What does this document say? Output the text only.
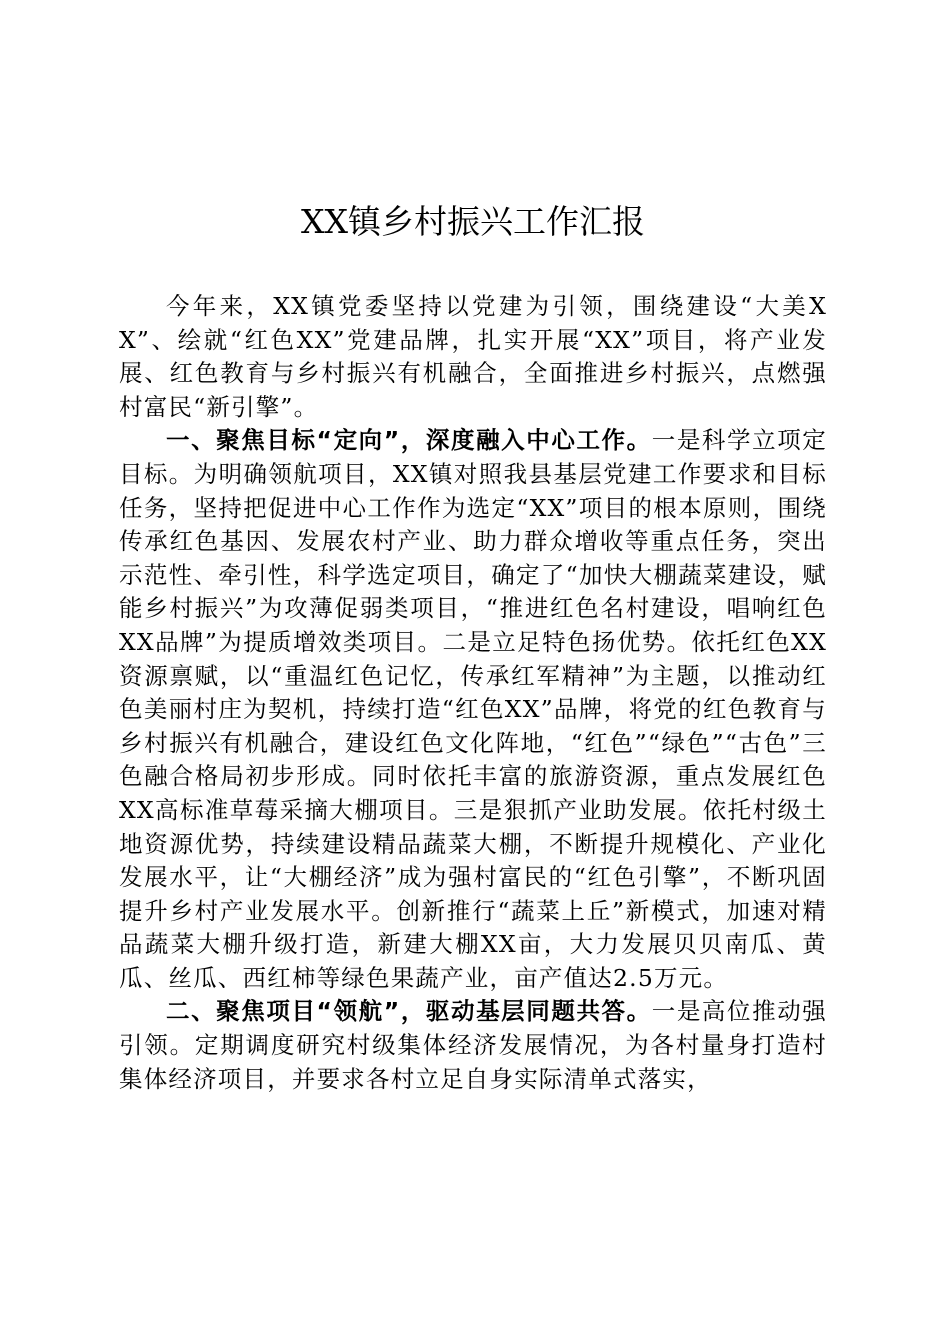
XX镇乡村振兴工作汇报

今年来，XX镇党委坚持以党建为引领，围绕建设“大美XX”、绘就“红色XX”党建品牌，扎实开展“XX”项目，将产业发展、红色教育与乡村振兴有机融合，全面推进乡村振兴，点燃强村富民“新引擎”。

一、聚焦目标“定向”，深度融入中心工作。一是科学立项定目标。为明确领航项目，XX镇对照我县基层党建工作要求和目标任务，坚持把促进中心工作作为选定“XX”项目的根本原则，围绕传承红色基因、发展农村产业、助力群众增收等重点任务，突出示范性、牵引性，科学选定项目，确定了“加快大棚蔬菜建设，赋能乡村振兴”为攻薄促弱类项目，“推进红色名村建设，唱响红色XX品牌”为提质增效类项目。二是立足特色扬优势。依托红色XX资源禀赋，以“重温红色记忆，传承红军精神”为主题，以推动红色美丽村庄为契机，持续打造“红色XX”品牌，将党的红色教育与乡村振兴有机融合，建设红色文化阵地，“红色”“绿色”“古色”三色融合格局初步形成。同时依托丰富的旅游资源，重点发展红色XX高标准草莓采摘大棚项目。三是狠抓产业助发展。依托村级土地资源优势，持续建设精品蔬菜大棚，不断提升规模化、产业化发展水平，让“大棚经济”成为强村富民的“红色引擎”，不断巩固提升乡村产业发展水平。创新推行“蔬菜上丘”新模式，加速对精品蔬菜大棚升级打造，新建大棚XX亩，大力发展贝贝南瓜、黄瓜、丝瓜、西红柿等绿色果蔬产业，亩产值达2.5万元。

二、聚焦项目“领航”，驱动基层同题共答。一是高位推动强引领。定期调度研究村级集体经济发展情况，为各村量身打造村集体经济项目，并要求各村立足自身实际清单式落实，
